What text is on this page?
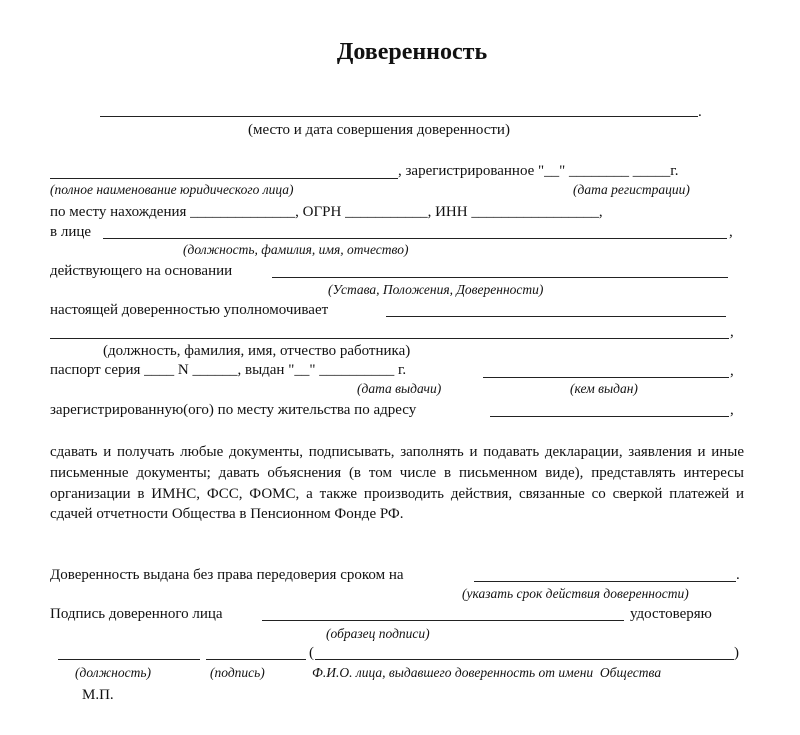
Доверенность
.
(место и дата совершения доверенности)
, зарегистрированное "__" ________ _____г.
(полное наименование юридического лица)	(дата регистрации)
по месту нахождения ______________, ОГРН ___________, ИНН _________________,
в лице	,
(должность, фамилия, имя, отчество)
действующего на основании
(Устава, Положения, Доверенности)
настоящей доверенностью уполномочивает
,
(должность, фамилия, имя, отчество работника)
паспорт серия ____ N ______, выдан "__" __________ г.	,
(дата выдачи)	(кем выдан)
зарегистрированную(ого) по месту жительства по адресу	,
сдавать и получать любые документы, подписывать, заполнять и подавать декларации, заявления и иные письменные документы; давать объяснения (в том числе в письменном виде), представлять интересы организации в ИМНС, ФСС, ФОМС, а также производить действия, связанные со сверкой платежей и сдачей отчетности Общества в Пенсионном Фонде РФ.
Доверенность выдана без права передоверия сроком на	.
(указать срок действия доверенности)
Подпись доверенного лица	удостоверяю
(образец подписи)
(	)
(должность)	(подпись)	Ф.И.О. лица, выдавшего доверенность от имени  Общества
М.П.
